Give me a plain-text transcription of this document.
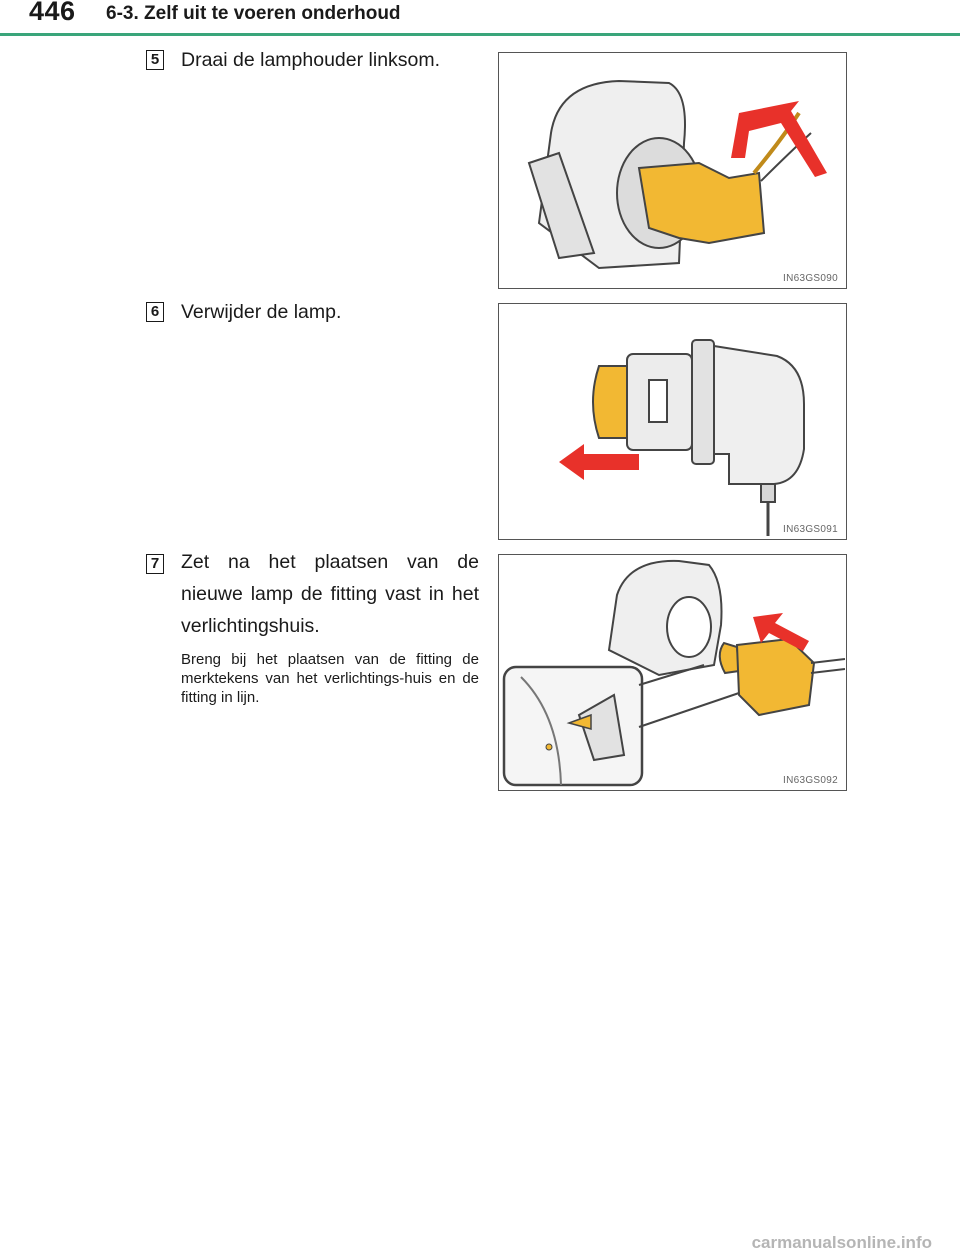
446 6-3. Zelf uit te voeren onderhoud
5 Draai de lamphouder linksom.
IN63GS090
6 Verwijder de lamp.
IN63GS091
7 Zet na het plaatsen van de nieuwe lamp de fitting vast in het verlichtingshuis.
Breng bij het plaatsen van de fitting de merktekens van het verlichtings-huis en de fitting in lijn.
IN63GS092
carmanualsonline.info
